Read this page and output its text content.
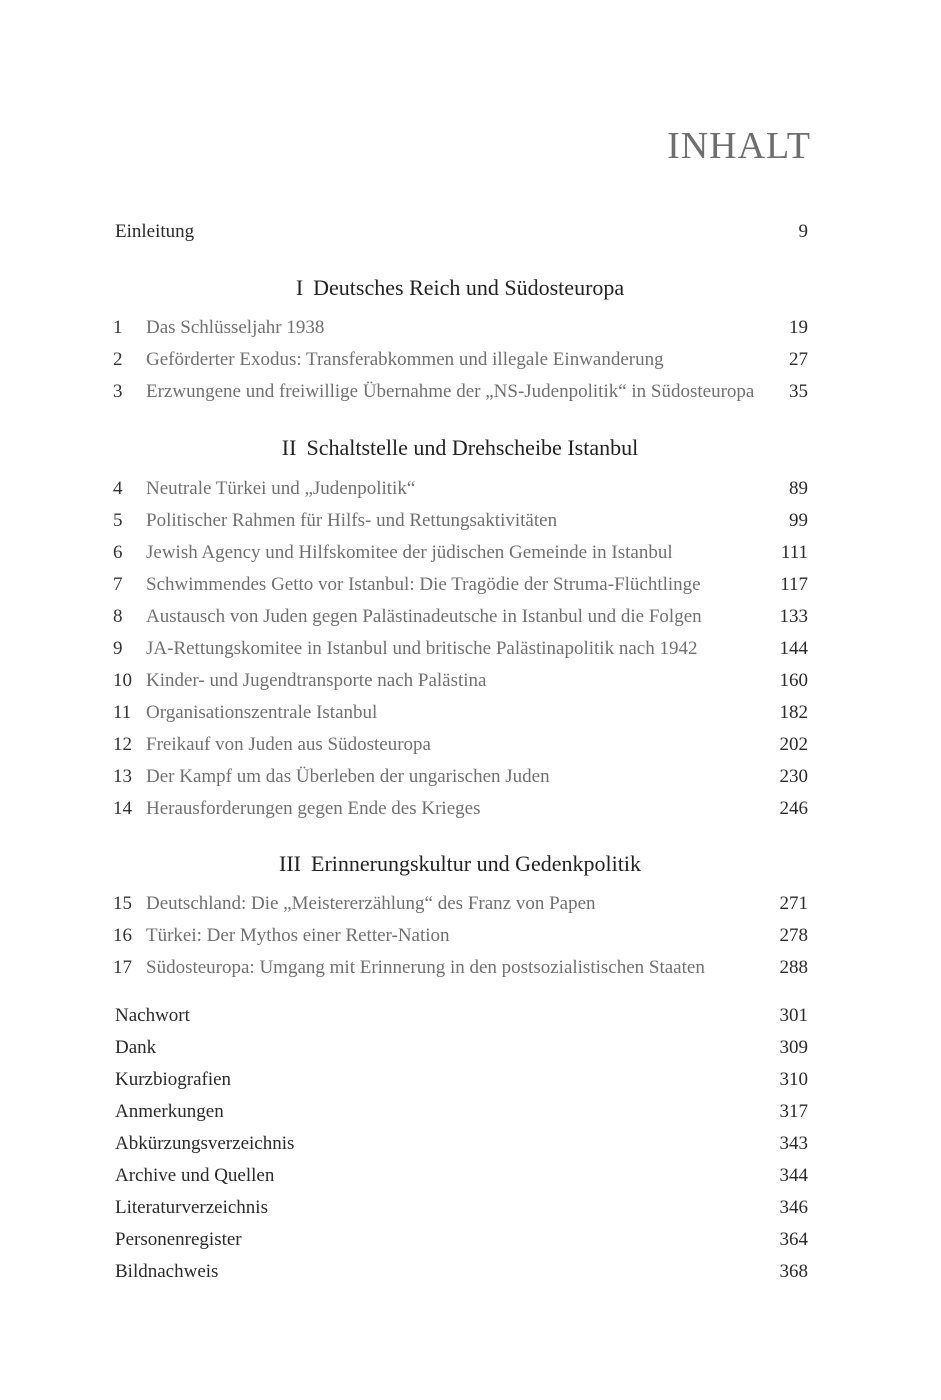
INHALT
Einleitung	9
I Deutsches Reich und Südosteuropa
1 Das Schlüsseljahr 1938	19
2 Geförderter Exodus: Transferabkommen und illegale Einwanderung	27
3 Erzwungene und freiwillige Übernahme der „NS-Judenpolitik“ in Südosteuropa 35
II Schaltstelle und Drehscheibe Istanbul
4 Neutrale Türkei und „Judenpolitik“	89
5 Politischer Rahmen für Hilfs- und Rettungsaktivitäten	99
6 Jewish Agency und Hilfskomitee der jüdischen Gemeinde in Istanbul	111
7 Schwimmendes Getto vor Istanbul: Die Tragödie der Struma-Flüchtlinge	117
8 Austausch von Juden gegen Palästinadeutsche in Istanbul und die Folgen	133
9 JA-Rettungskomitee in Istanbul und britische Palästinapolitik nach 1942	144
10 Kinder- und Jugendtransporte nach Palästina	160
11 Organisationszentrale Istanbul	182
12 Freikauf von Juden aus Südosteuropa	202
13 Der Kampf um das Überleben der ungarischen Juden	230
14 Herausforderungen gegen Ende des Krieges	246
III Erinnerungskultur und Gedenkpolitik
15 Deutschland: Die „Meistererzählung“ des Franz von Papen	271
16 Türkei: Der Mythos einer Retter-Nation	278
17 Südosteuropa: Umgang mit Erinnerung in den postsozialistischen Staaten	288
Nachwort	301
Dank	309
Kurzbiografien	310
Anmerkungen	317
Abkürzungsverzeichnis	343
Archive und Quellen	344
Literaturverzeichnis	346
Personenregister	364
Bildnachweis	368
